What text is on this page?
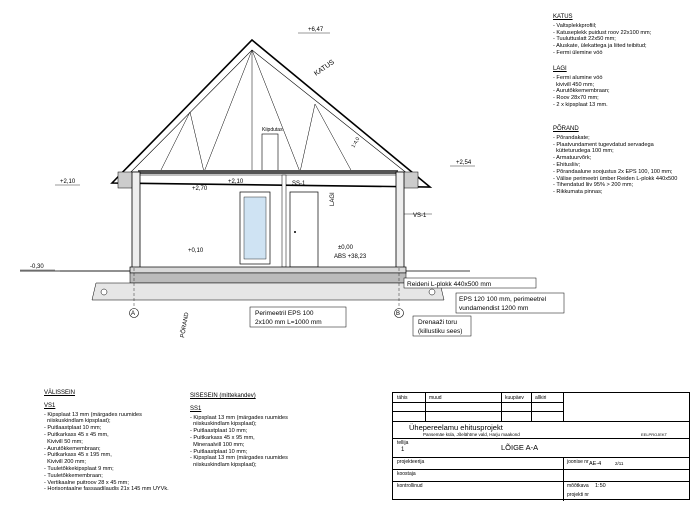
A	B
+6,47
+2,10
+2,54
+2,70
+2,10
+0,10
-0,30
±0,00
ABS +38,23
KATUS
Kiipdutas
1:4,0
LAGI
SS-1
VS-1
PÕRAND
Reideni L-plokk 440x500 mm
EPS 120 100 mm, perimeetrel
vundamendist 1200 mm
Perimeetril EPS 100
2x100 mm L=1000 mm	Drenaaži toru
(killustiku sees)
KATUS
- Valtsplekkprofiil;
- Katuseplekk puidust roov 22x100 mm;
- Tuuluttuslatt 22x50 mm;
- Aluskate, ülekattega ja liited teibitud;
- Fermi ülemine vöö
LAGI
- Fermi alumine vöö
kivivill 450 mm;
- Aurutõkkemembraan;
- Roov 28x70 mm;
- 2 x kipsplaat 13 mm.
PÕRAND
- Põrandakate;
- Plaatvundament tugevdatud servadega
kütteturudega 100 mm;
- Armatuurvõrk;
- Ehitusliiv;
- Põrandaalune soojustus 2x EPS 100, 100 mm;
- Välise perimeetri ümber Reiden L-plokk 440x500
- Tihendatud liiv 95% > 200 mm;
- Rikkumata pinnas;
VÄLISSEIN
VS1
- Kipsplaat 13 mm (märgades ruumides
niiskuskindlam kipsplaat);
- Puitlaastplaat 10 mm;
- Puitkarkass 45 x 45 mm,
Kivivill 50 mm;
- Aurutõkkemembraan;
- Puitkarkass 45 x 195 mm,
Kivivill 200 mm;
- Tuuletõkkekipsplaat 9 mm;
- Tuuletõkkemembraan;
- Vertikaalne puitroov 28 x 45 mm;
- Horisontaalne fassaadilaudis 21x 145 mm UYVk.
SISESEIN (mittekandev)
SS1
- Kipsplaat 13 mm (märgades ruumides
niiskuskindlam kipsplaat);
- Puitlaastplaat 10 mm;
- Puitkarkass 45 x 95 mm,
Mineraalvill 100 mm;
- Puitlaastplaat 10 mm;
- Kipsplaat 13 mm (märgades ruumides
niiskuskindlam kipsplaat);
tähis	muud	kuupäev allkiri
Ühepereelamu ehitusprojekt
Pansemäe küla, Jõelähtme vald, Harju maakond	EELPROJEKT
tellija
1	LÕIGE A-A
projekteerija	joonise nr AE-4	2/11
koostaja
kontrollinud	mõõtkava 1:50
projekti nr
